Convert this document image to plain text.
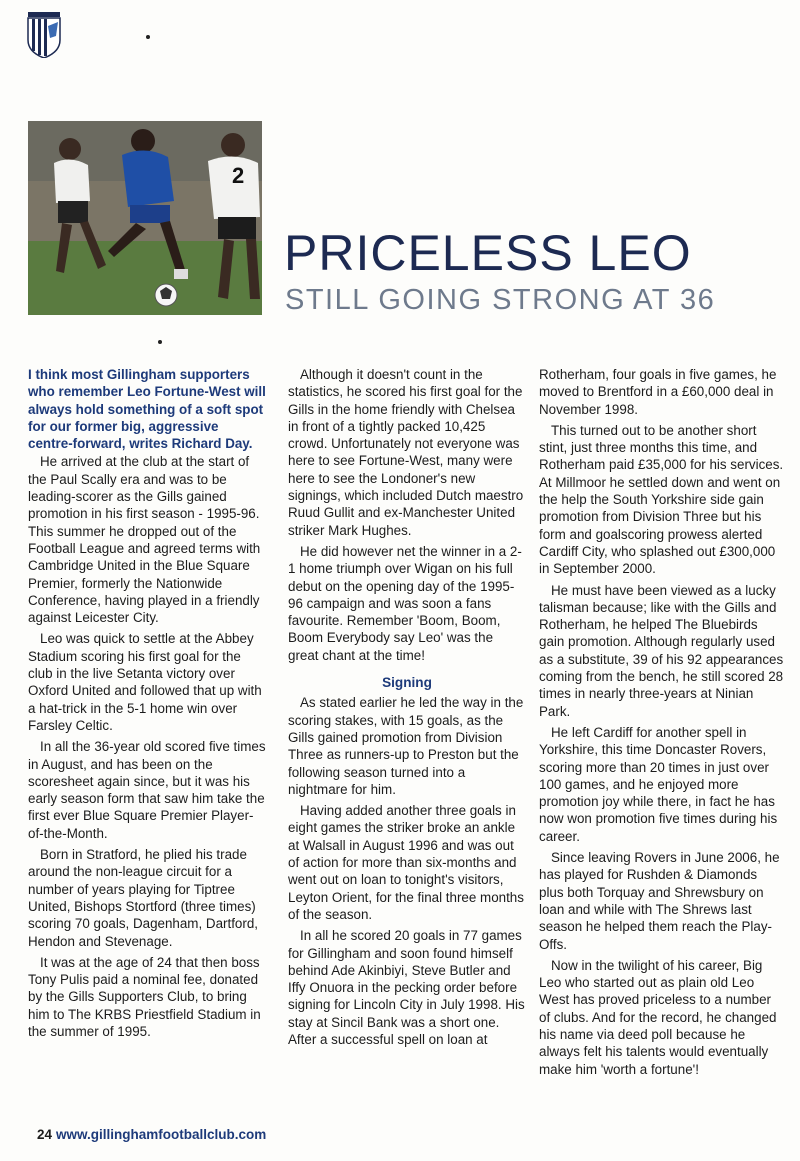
2
PRICELESS LEO
STILL GOING STRONG AT 36

I think most Gillingham supporters who remember Leo Fortune-West will always hold something of a soft spot for our former big, aggressive centre-forward, writes Richard Day.

He arrived at the club at the start of the Paul Scally era and was to be leading-scorer as the Gills gained promotion in his first season - 1995-96. This summer he dropped out of the Football League and agreed terms with Cambridge United in the Blue Square Premier, formerly the Nationwide Conference, having played in a friendly against Leicester City.

Leo was quick to settle at the Abbey Stadium scoring his first goal for the club in the live Setanta victory over Oxford United and followed that up with a hat-trick in the 5-1 home win over Farsley Celtic.

In all the 36-year old scored five times in August, and has been on the scoresheet again since, but it was his early season form that saw him take the first ever Blue Square Premier Player-of-the-Month.

Born in Stratford, he plied his trade around the non-league circuit for a number of years playing for Tiptree United, Bishops Stortford (three times) scoring 70 goals, Dagenham, Dartford, Hendon and Stevenage.

It was at the age of 24 that then boss Tony Pulis paid a nominal fee, donated by the Gills Supporters Club, to bring him to The KRBS Priestfield Stadium in the summer of 1995.

Although it doesn't count in the statistics, he scored his first goal for the Gills in the home friendly with Chelsea in front of a tightly packed 10,425 crowd. Unfortunately not everyone was here to see Fortune-West, many were here to see the Londoner's new signings, which included Dutch maestro Ruud Gullit and ex-Manchester United striker Mark Hughes.

He did however net the winner in a 2-1 home triumph over Wigan on his full debut on the opening day of the 1995-96 campaign and was soon a fans favourite. Remember 'Boom, Boom, Boom Everybody say Leo' was the great chant at the time!

Signing

As stated earlier he led the way in the scoring stakes, with 15 goals, as the Gills gained promotion from Division Three as runners-up to Preston but the following season turned into a nightmare for him.

Having added another three goals in eight games the striker broke an ankle at Walsall in August 1996 and was out of action for more than six-months and went out on loan to tonight's visitors, Leyton Orient, for the final three months of the season.

In all he scored 20 goals in 77 games for Gillingham and soon found himself behind Ade Akinbiyi, Steve Butler and Iffy Onuora in the pecking order before signing for Lincoln City in July 1998. His stay at Sincil Bank was a short one. After a successful spell on loan at

Rotherham, four goals in five games, he moved to Brentford in a £60,000 deal in November 1998.

This turned out to be another short stint, just three months this time, and Rotherham paid £35,000 for his services. At Millmoor he settled down and went on the help the South Yorkshire side gain promotion from Division Three but his form and goalscoring prowess alerted Cardiff City, who splashed out £300,000 in September 2000.

He must have been viewed as a lucky talisman because; like with the Gills and Rotherham, he helped The Bluebirds gain promotion. Although regularly used as a substitute, 39 of his 92 appearances coming from the bench, he still scored 28 times in nearly three-years at Ninian Park.

He left Cardiff for another spell in Yorkshire, this time Doncaster Rovers, scoring more than 20 times in just over 100 games, and he enjoyed more promotion joy while there, in fact he has now won promotion five times during his career.

Since leaving Rovers in June 2006, he has played for Rushden & Diamonds plus both Torquay and Shrewsbury on loan and while with The Shrews last season he helped them reach the Play-Offs.

Now in the twilight of his career, Big Leo who started out as plain old Leo West has proved priceless to a number of clubs. And for the record, he changed his name via deed poll because he always felt his talents would eventually make him 'worth a fortune'!

24 www.gillinghamfootballclub.com
